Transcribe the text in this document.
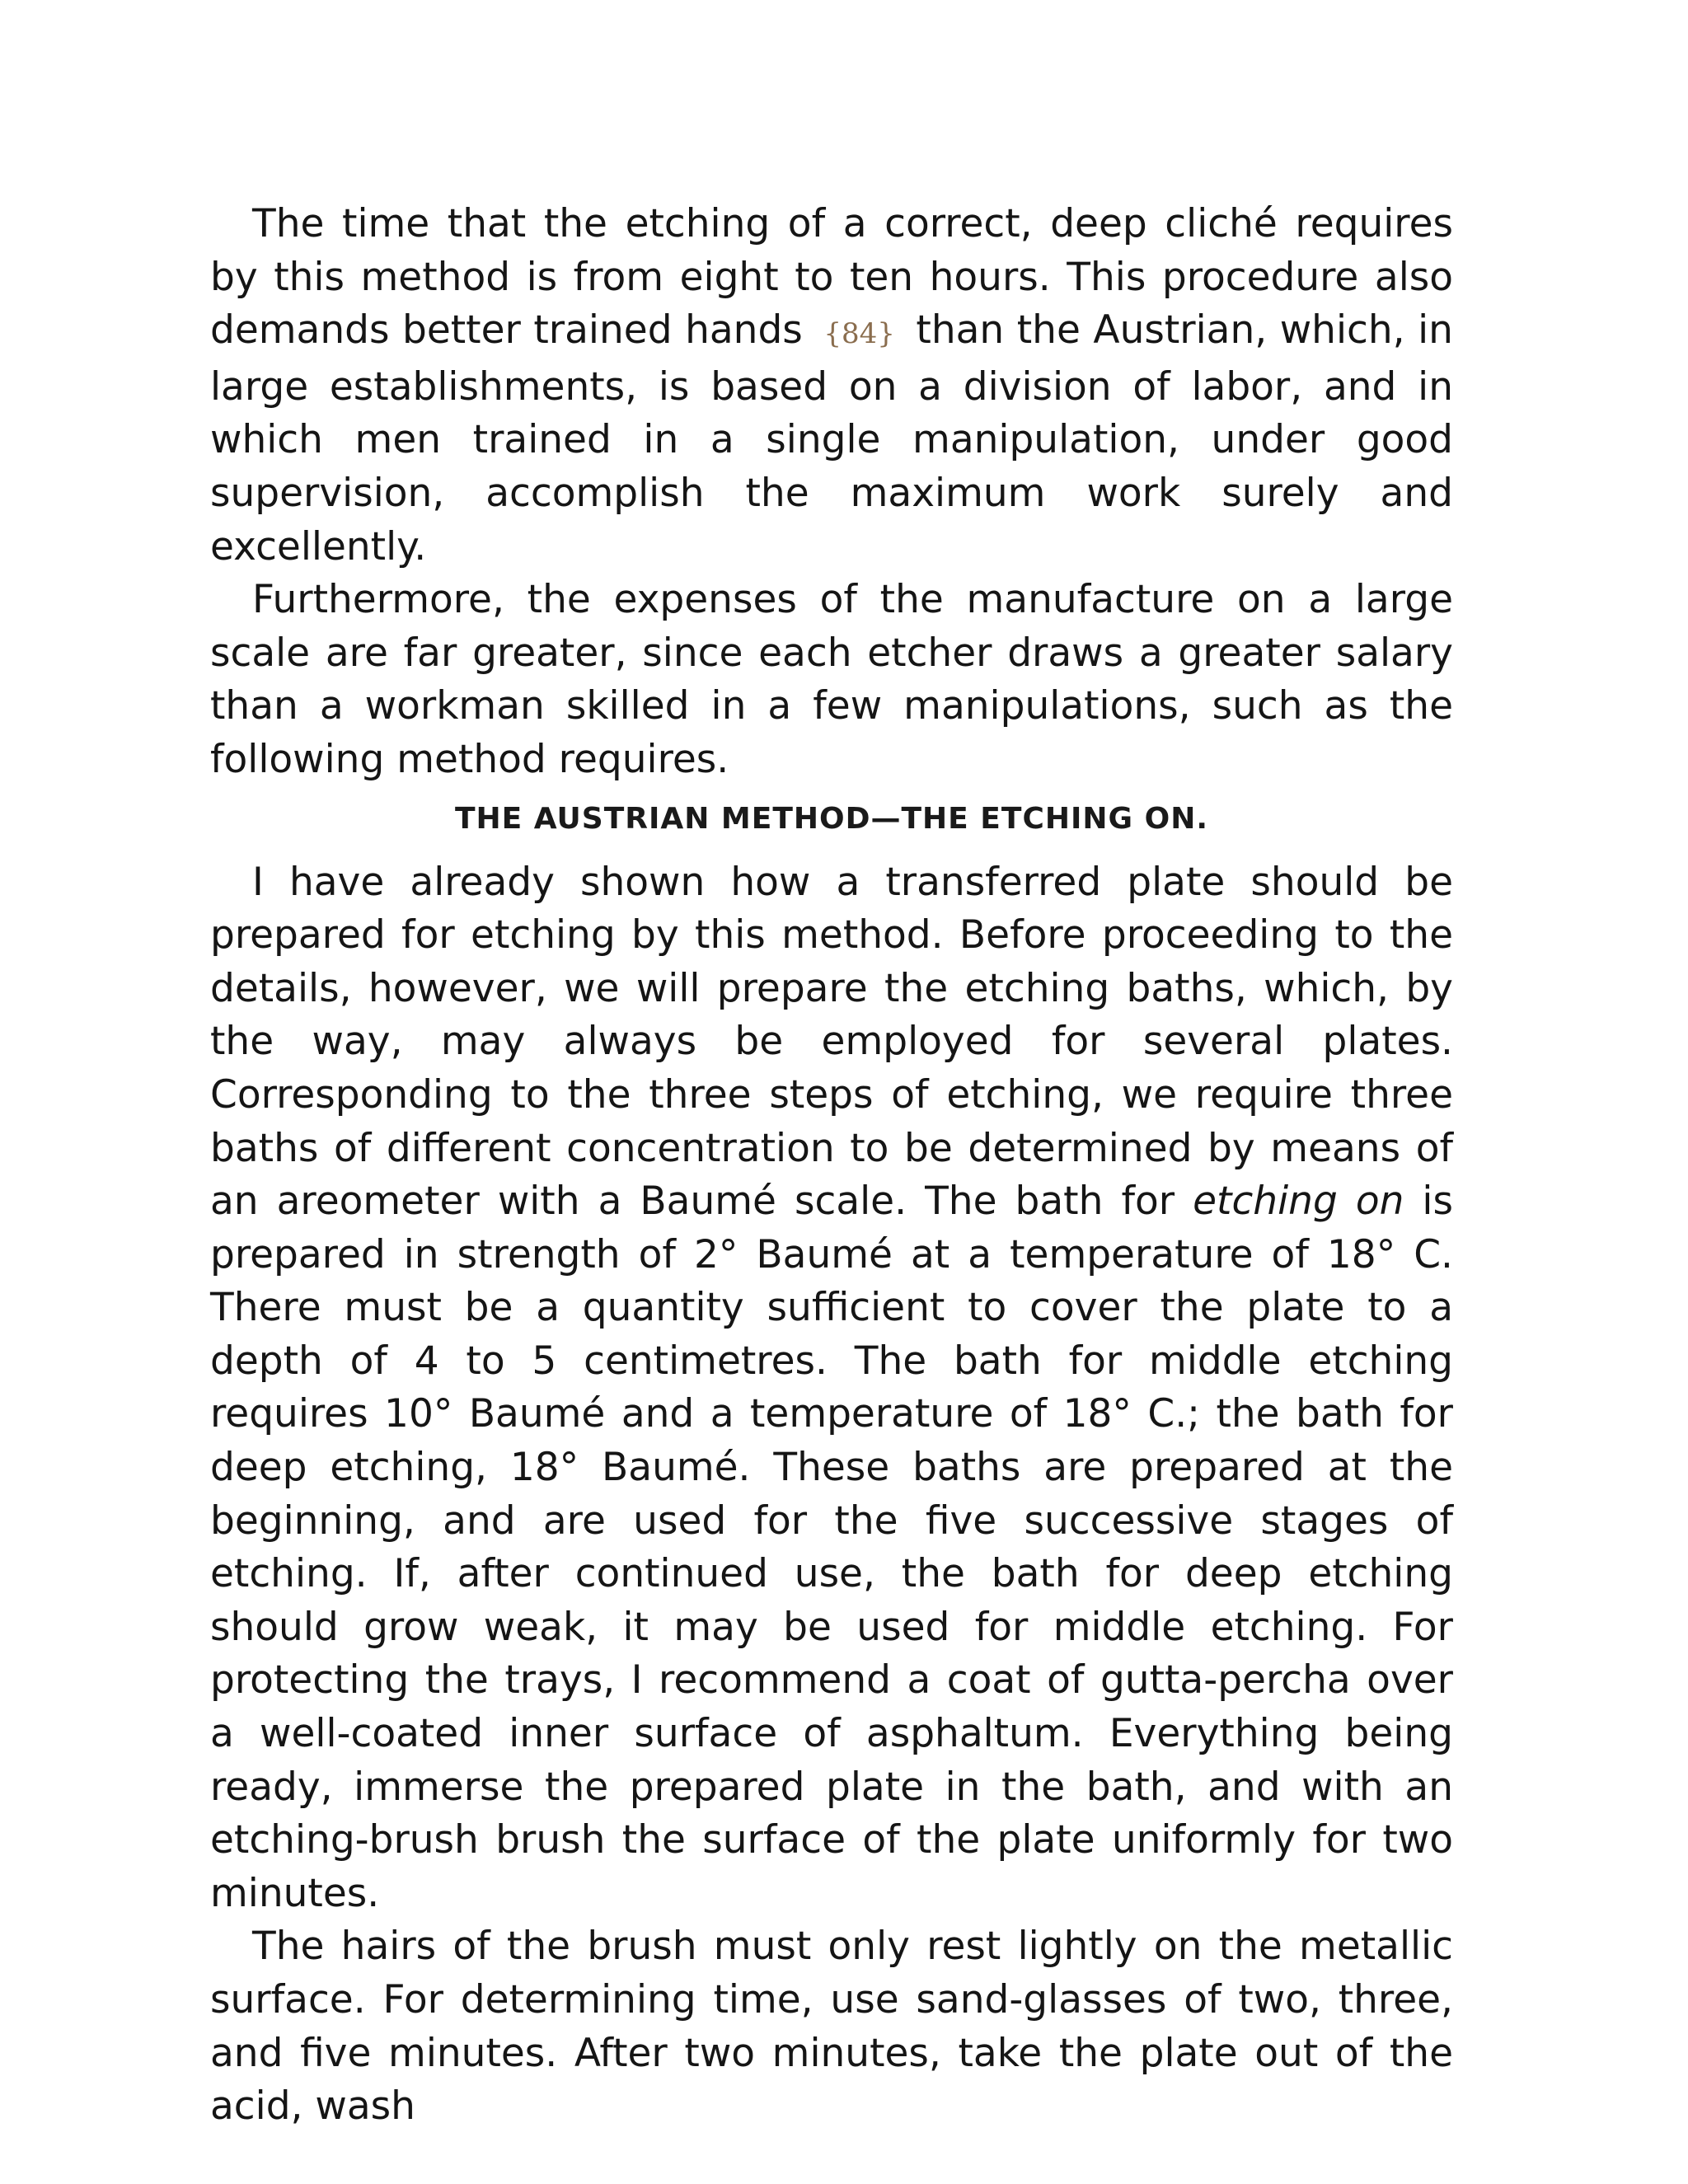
The time that the etching of a correct, deep cliché requires by this method is from eight to ten hours. This procedure also demands better trained hands {84} than the Austrian, which, in large establishments, is based on a division of labor, and in which men trained in a single manipulation, under good supervision, accomplish the maximum work surely and excellently.

Furthermore, the expenses of the manufacture on a large scale are far greater, since each etcher draws a greater salary than a workman skilled in a few manipulations, such as the following method requires.

THE AUSTRIAN METHOD—THE ETCHING ON.

I have already shown how a transferred plate should be prepared for etching by this method. Before proceeding to the details, however, we will prepare the etching baths, which, by the way, may always be employed for several plates. Corresponding to the three steps of etching, we require three baths of different concentration to be determined by means of an areometer with a Baumé scale. The bath for etching on is prepared in strength of 2° Baumé at a temperature of 18° C. There must be a quantity sufficient to cover the plate to a depth of 4 to 5 centimetres. The bath for middle etching requires 10° Baumé and a temperature of 18° C.; the bath for deep etching, 18° Baumé. These baths are prepared at the beginning, and are used for the five successive stages of etching. If, after continued use, the bath for deep etching should grow weak, it may be used for middle etching. For protecting the trays, I recommend a coat of gutta-percha over a well-coated inner surface of asphaltum. Everything being ready, immerse the prepared plate in the bath, and with an etching-brush brush the surface of the plate uniformly for two minutes.

The hairs of the brush must only rest lightly on the metallic surface. For determining time, use sand-glasses of two, three, and five minutes. After two minutes, take the plate out of the acid, wash
